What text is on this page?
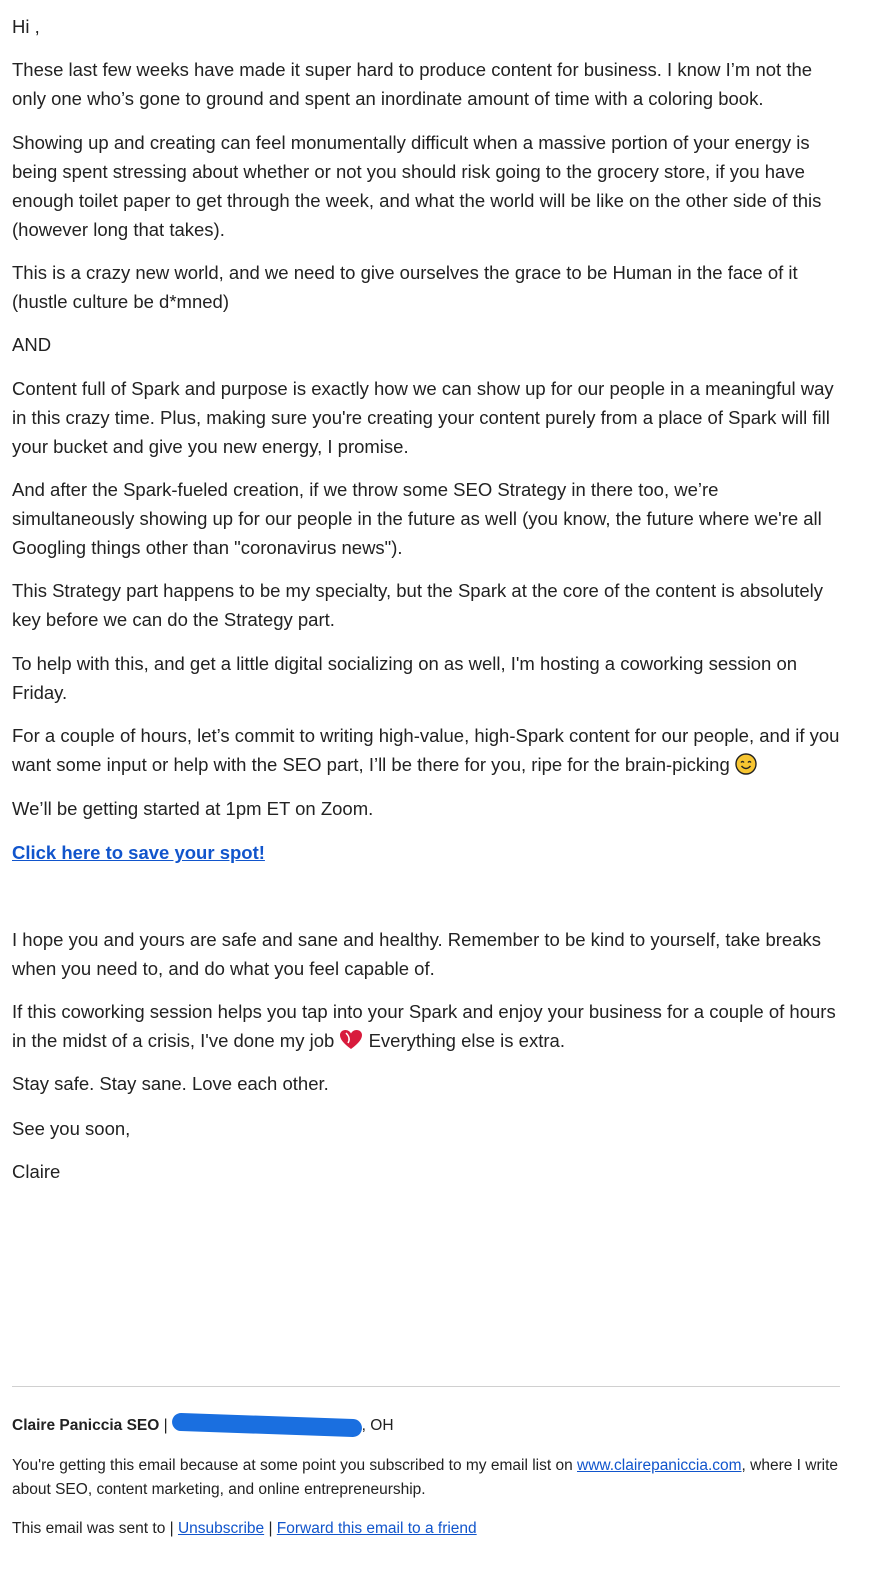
Hi ,

These last few weeks have made it super hard to produce content for business. I know I’m not the only one who’s gone to ground and spent an inordinate amount of time with a coloring book.

Showing up and creating can feel monumentally difficult when a massive portion of your energy is being spent stressing about whether or not you should risk going to the grocery store, if you have enough toilet paper to get through the week, and what the world will be like on the other side of this (however long that takes).

This is a crazy new world, and we need to give ourselves the grace to be Human in the face of it (hustle culture be d*mned)

AND

Content full of Spark and purpose is exactly how we can show up for our people in a meaningful way in this crazy time. Plus, making sure you're creating your content purely from a place of Spark will fill your bucket and give you new energy, I promise.

And after the Spark-fueled creation, if we throw some SEO Strategy in there too, we’re simultaneously showing up for our people in the future as well (you know, the future where we're all Googling things other than "coronavirus news").

This Strategy part happens to be my specialty, but the Spark at the core of the content is absolutely key before we can do the Strategy part.

To help with this, and get a little digital socializing on as well, I'm hosting a coworking session on Friday.

For a couple of hours, let’s commit to writing high-value, high-Spark content for our people, and if you want some input or help with the SEO part, I’ll be there for you, ripe for the brain-picking

We’ll be getting started at 1pm ET on Zoom.

Click here to save your spot!

I hope you and yours are safe and sane and healthy. Remember to be kind to yourself, take breaks when you need to, and do what you feel capable of.

If this coworking session helps you tap into your Spark and enjoy your business for a couple of hours in the midst of a crisis, I've done my job Everything else is extra.

Stay safe. Stay sane. Love each other.

See you soon,

Claire

Claire Paniccia SEO |	, OH

You're getting this email because at some point you subscribed to my email list on www.clairepaniccia.com, where I write about SEO, content marketing, and online entrepreneurship.

This email was sent to | Unsubscribe | Forward this email to a friend
